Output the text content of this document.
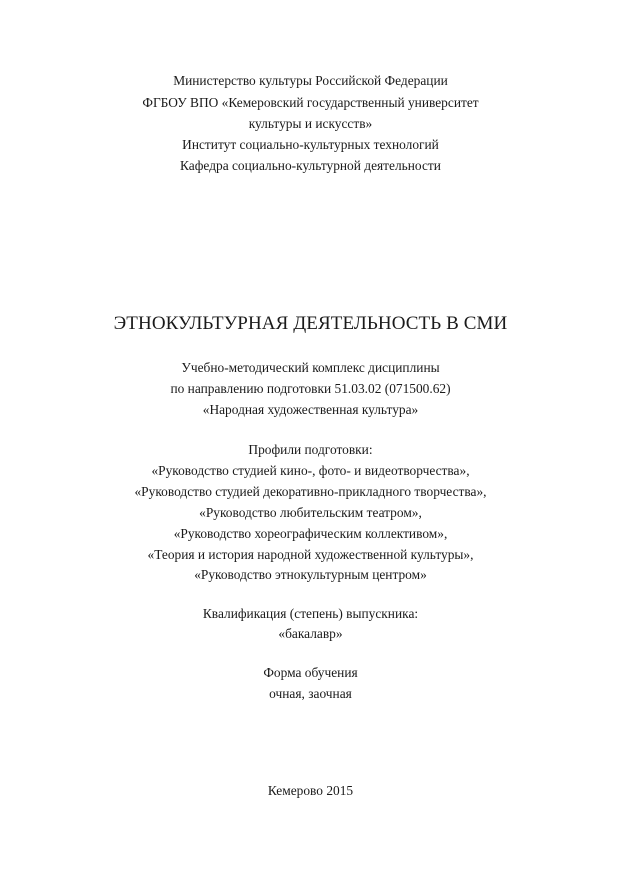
Министерство культуры Российской Федерации
ФГБОУ ВПО «Кемеровский государственный университет
культуры и искусств»
Институт социально-культурных технологий
Кафедра социально-культурной деятельности
ЭТНОКУЛЬТУРНАЯ ДЕЯТЕЛЬНОСТЬ В СМИ
Учебно-методический комплекс дисциплины
по направлению подготовки 51.03.02 (071500.62)
«Народная художественная культура»
Профили подготовки:
«Руководство студией кино-, фото- и видеотворчества»,
«Руководство студией декоративно-прикладного творчества»,
«Руководство любительским театром»,
«Руководство хореографическим коллективом»,
«Теория и история народной художественной культуры»,
«Руководство этнокультурным центром»
Квалификация (степень) выпускника:
«бакалавр»
Форма обучения
очная, заочная
Кемерово 2015
